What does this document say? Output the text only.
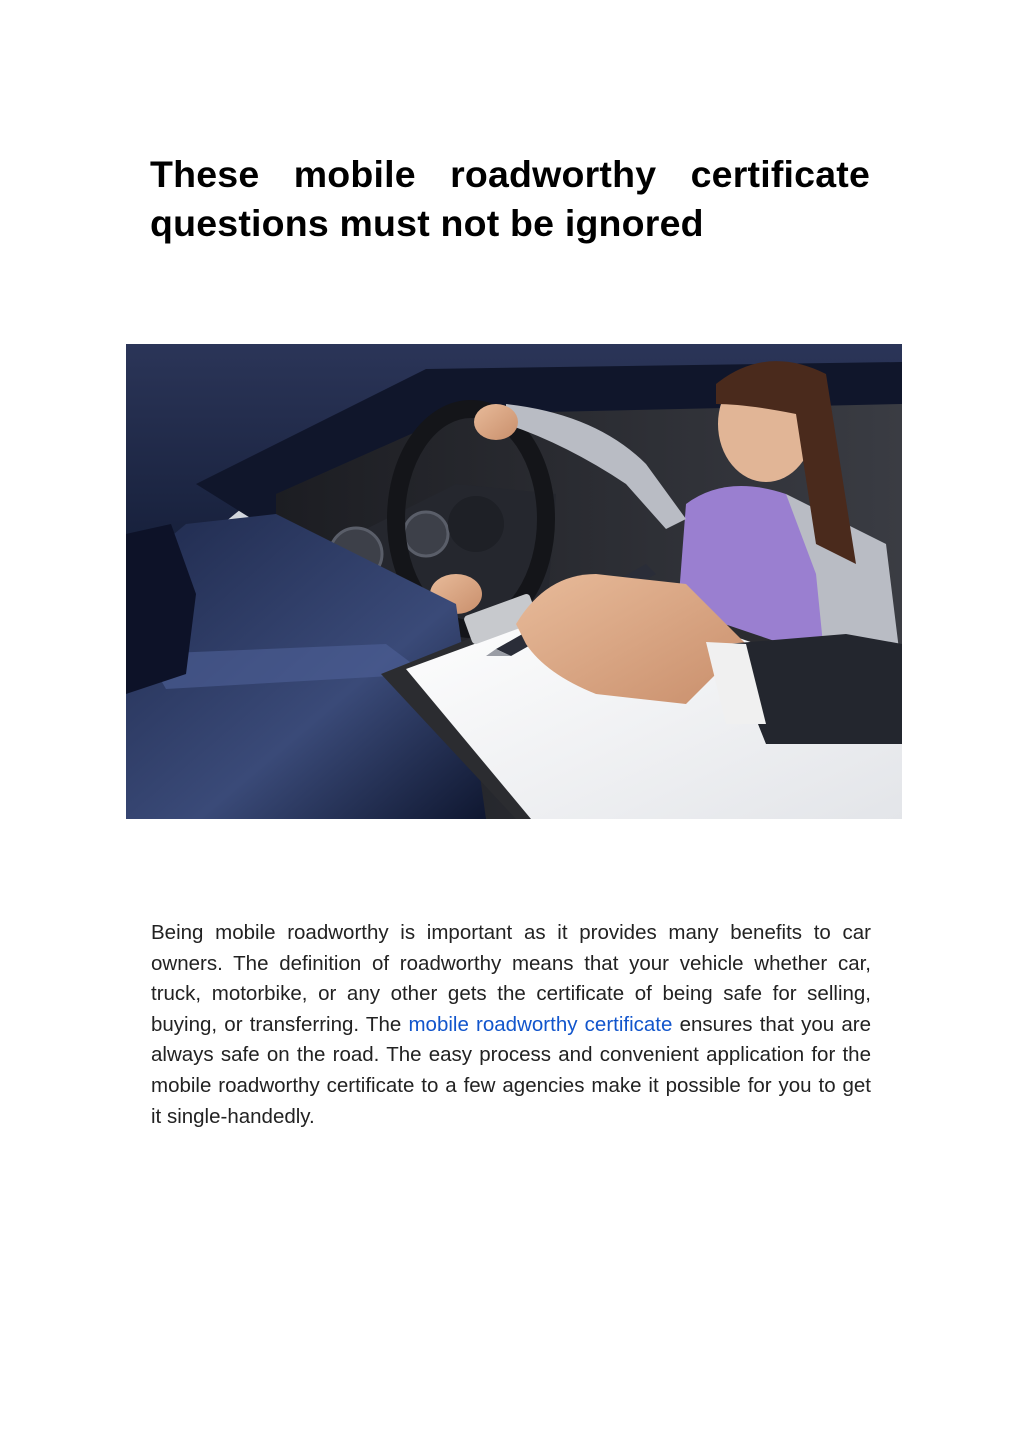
These mobile roadworthy certificate questions must not be ignored

Being mobile roadworthy is important as it provides many benefits to car owners. The definition of roadworthy means that your vehicle whether car, truck, motorbike, or any other gets the certificate of being safe for selling, buying, or transferring. The mobile roadworthy certificate ensures that you are always safe on the road. The easy process and convenient application for the mobile roadworthy certificate to a few agencies make it possible for you to get it single-handedly.
